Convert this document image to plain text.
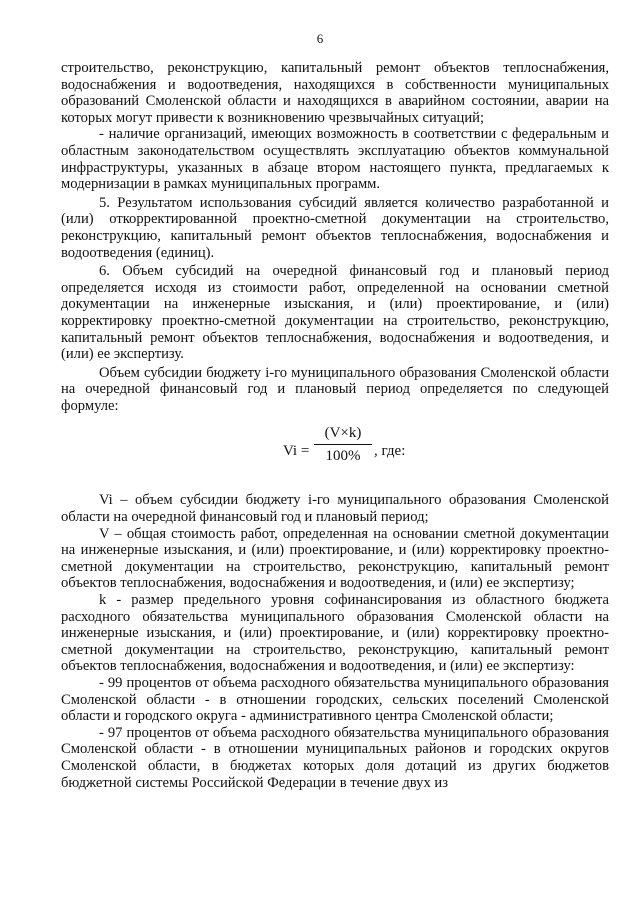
6

строительство, реконструкцию, капитальный ремонт объектов теплоснабжения, водоснабжения и водоотведения, находящихся в собственности муниципальных образований Смоленской области и находящихся в аварийном состоянии, аварии на которых могут привести к возникновению чрезвычайных ситуаций;

- наличие организаций, имеющих возможность в соответствии с федеральным и областным законодательством осуществлять эксплуатацию объектов коммунальной инфраструктуры, указанных в абзаце втором настоящего пункта, предлагаемых к модернизации в рамках муниципальных программ.

5. Результатом использования субсидий является количество разработанной и (или) откорректированной проектно-сметной документации на строительство, реконструкцию, капитальный ремонт объектов теплоснабжения, водоснабжения и водоотведения (единиц).

6. Объем субсидий на очередной финансовый год и плановый период определяется исходя из стоимости работ, определенной на основании сметной документации на инженерные изыскания, и (или) проектирование, и (или) корректировку проектно-сметной документации на строительство, реконструкцию, капитальный ремонт объектов теплоснабжения, водоснабжения и водоотведения, и (или) ее экспертизу.

Объем субсидии бюджету i-го муниципального образования Смоленской области на очередной финансовый год и плановый период определяется по следующей формуле:

$Vi = \frac{(V\times k)}{100\%}$ , где:

Vi – объем субсидии бюджету i-го муниципального образования Смоленской области на очередной финансовый год и плановый период;

V – общая стоимость работ, определенная на основании сметной документации на инженерные изыскания, и (или) проектирование, и (или) корректировку проектно-сметной документации на строительство, реконструкцию, капитальный ремонт объектов теплоснабжения, водоснабжения и водоотведения, и (или) ее экспертизу;

k - размер предельного уровня софинансирования из областного бюджета расходного обязательства муниципального образования Смоленской области на инженерные изыскания, и (или) проектирование, и (или) корректировку проектно-сметной документации на строительство, реконструкцию, капитальный ремонт объектов теплоснабжения, водоснабжения и водоотведения, и (или) ее экспертизу:

- 99 процентов от объема расходного обязательства муниципального образования Смоленской области - в отношении городских, сельских поселений Смоленской области и городского округа - административного центра Смоленской области;

- 97 процентов от объема расходного обязательства муниципального образования Смоленской области - в отношении муниципальных районов и городских округов Смоленской области, в бюджетах которых доля дотаций из других бюджетов бюджетной системы Российской Федерации в течение двух из
